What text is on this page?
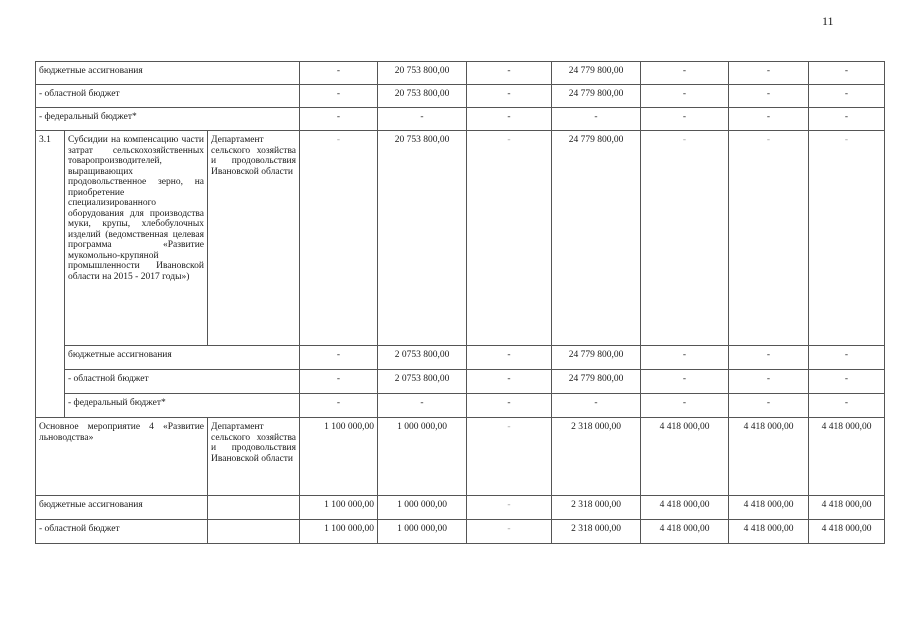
11
бюджетные ассигнования			-	20 753 800,00	-	24 779 800,00	-	-	-
- областной бюджет			-	20 753 800,00	-	24 779 800,00	-	-	-
- федеральный бюджет*			-	-	-	-	-	-	-
3.1	Субсидии на компенсацию части затрат сельскохозяйственных товаропроизводителей, выращивающих продовольственное зерно, на приобретение специализированного оборудования для производства муки, крупы, хлебобулочных изделий (ведомственная целевая программа «Развитие мукомольно-крупяной промышленности Ивановской области на 2015 - 2017 годы»)	Департамент сельского хозяйства и продовольствия Ивановской области	-	20 753 800,00	-	24 779 800,00	-	-	-
	бюджетные ассигнования		-	2 0753 800,00	-	24 779 800,00	-	-	-
	- областной бюджет		-	2 0753 800,00	-	24 779 800,00	-	-	-
	- федеральный бюджет*		-	-	-	-	-	-	-
Основное мероприятие 4 «Развитие льноводства»		Департамент сельского хозяйства и продовольствия Ивановской области	1 100 000,00	1 000 000,00	-	2 318 000,00	4 418 000,00	4 418 000,00	4 418 000,00
бюджетные ассигнования			1 100 000,00	1 000 000,00	-	2 318 000,00	4 418 000,00	4 418 000,00	4 418 000,00
- областной бюджет			1 100 000,00	1 000 000,00	-	2 318 000,00	4 418 000,00	4 418 000,00	4 418 000,00
